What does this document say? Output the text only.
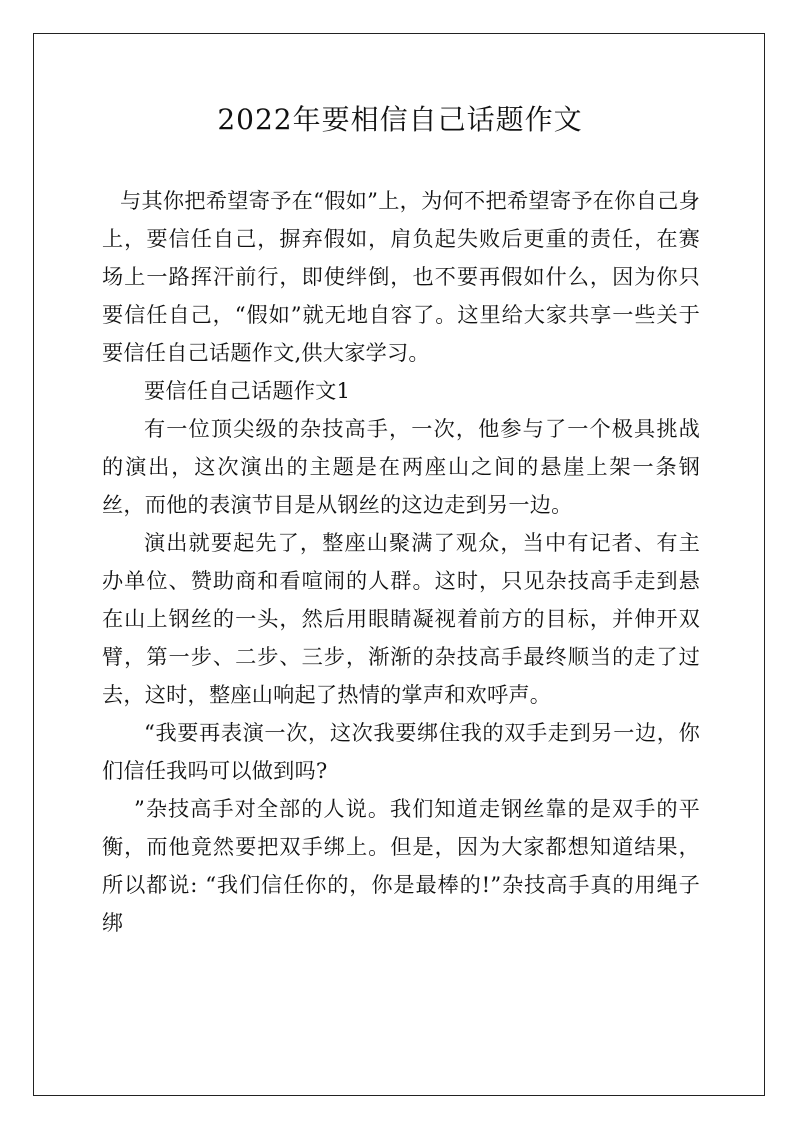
2022年要相信自己话题作文

与其你把希望寄予在“假如”上，为何不把希望寄予在你自己身上，要信任自己，摒弃假如，肩负起失败后更重的责任，在赛场上一路挥汗前行，即使绊倒，也不要再假如什么，因为你只要信任自己，“假如”就无地自容了。这里给大家共享一些关于要信任自己话题作文,供大家学习。

要信任自己话题作文1

有一位顶尖级的杂技高手，一次，他参与了一个极具挑战的演出，这次演出的主题是在两座山之间的悬崖上架一条钢丝，而他的表演节目是从钢丝的这边走到另一边。

演出就要起先了，整座山聚满了观众，当中有记者、有主办单位、赞助商和看喧闹的人群。这时，只见杂技高手走到悬在山上钢丝的一头，然后用眼睛凝视着前方的目标，并伸开双臂，第一步、二步、三步，渐渐的杂技高手最终顺当的走了过去，这时，整座山响起了热情的掌声和欢呼声。

“我要再表演一次，这次我要绑住我的双手走到另一边，你们信任我吗可以做到吗?

”杂技高手对全部的人说。我们知道走钢丝靠的是双手的平衡，而他竟然要把双手绑上。但是，因为大家都想知道结果，所以都说: “我们信任你的，你是最棒的!”杂技高手真的用绳子绑
